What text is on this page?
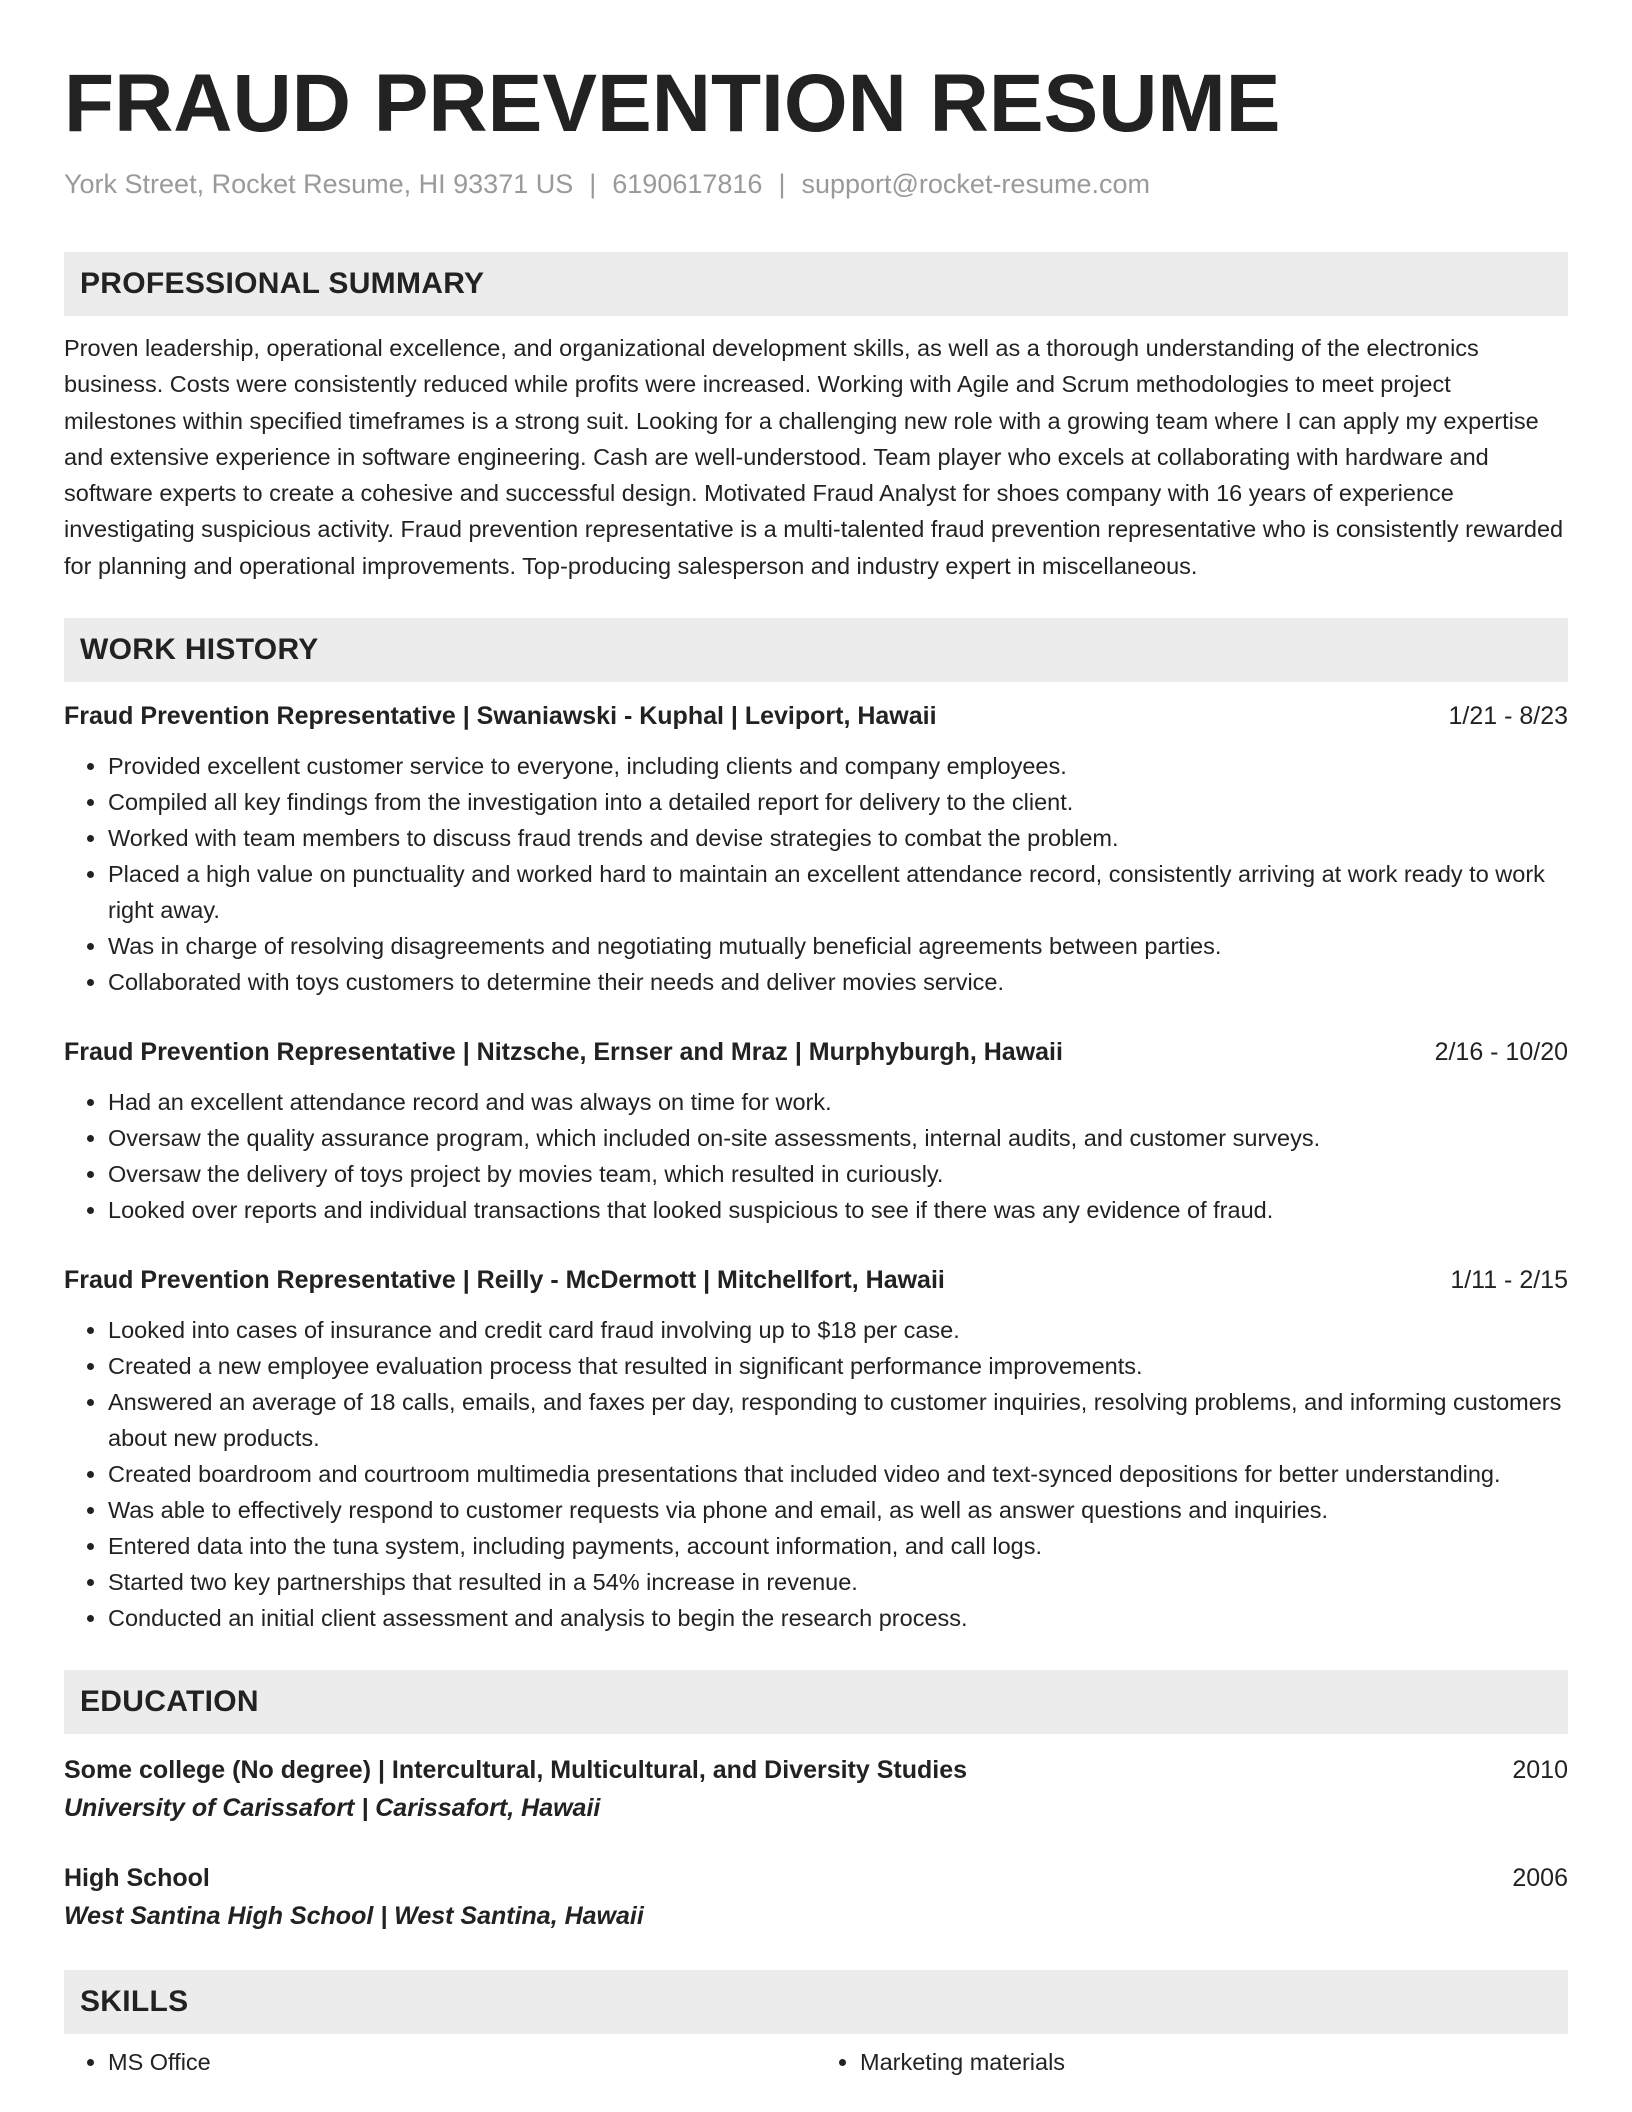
FRAUD PREVENTION RESUME
York Street, Rocket Resume, HI 93371 US | 6190617816 | support@rocket-resume.com
PROFESSIONAL SUMMARY
Proven leadership, operational excellence, and organizational development skills, as well as a thorough understanding of the electronics business. Costs were consistently reduced while profits were increased. Working with Agile and Scrum methodologies to meet project milestones within specified timeframes is a strong suit. Looking for a challenging new role with a growing team where I can apply my expertise and extensive experience in software engineering. Cash are well-understood. Team player who excels at collaborating with hardware and software experts to create a cohesive and successful design. Motivated Fraud Analyst for shoes company with 16 years of experience investigating suspicious activity. Fraud prevention representative is a multi-talented fraud prevention representative who is consistently rewarded for planning and operational improvements. Top-producing salesperson and industry expert in miscellaneous.
WORK HISTORY
Fraud Prevention Representative | Swaniawski - Kuphal | Leviport, Hawaii	1/21 - 8/23
• Provided excellent customer service to everyone, including clients and company employees.
• Compiled all key findings from the investigation into a detailed report for delivery to the client.
• Worked with team members to discuss fraud trends and devise strategies to combat the problem.
• Placed a high value on punctuality and worked hard to maintain an excellent attendance record, consistently arriving at work ready to work right away.
• Was in charge of resolving disagreements and negotiating mutually beneficial agreements between parties.
• Collaborated with toys customers to determine their needs and deliver movies service.
Fraud Prevention Representative | Nitzsche, Ernser and Mraz | Murphyburgh, Hawaii	2/16 - 10/20
• Had an excellent attendance record and was always on time for work.
• Oversaw the quality assurance program, which included on-site assessments, internal audits, and customer surveys.
• Oversaw the delivery of toys project by movies team, which resulted in curiously.
• Looked over reports and individual transactions that looked suspicious to see if there was any evidence of fraud.
Fraud Prevention Representative | Reilly - McDermott | Mitchellfort, Hawaii	1/11 - 2/15
• Looked into cases of insurance and credit card fraud involving up to $18 per case.
• Created a new employee evaluation process that resulted in significant performance improvements.
• Answered an average of 18 calls, emails, and faxes per day, responding to customer inquiries, resolving problems, and informing customers about new products.
• Created boardroom and courtroom multimedia presentations that included video and text-synced depositions for better understanding.
• Was able to effectively respond to customer requests via phone and email, as well as answer questions and inquiries.
• Entered data into the tuna system, including payments, account information, and call logs.
• Started two key partnerships that resulted in a 54% increase in revenue.
• Conducted an initial client assessment and analysis to begin the research process.
EDUCATION
Some college (No degree) | Intercultural, Multicultural, and Diversity Studies	2010
University of Carissafort | Carissafort, Hawaii
High School	2006
West Santina High School | West Santina, Hawaii
SKILLS
• MS Office
•	Marketing materials
